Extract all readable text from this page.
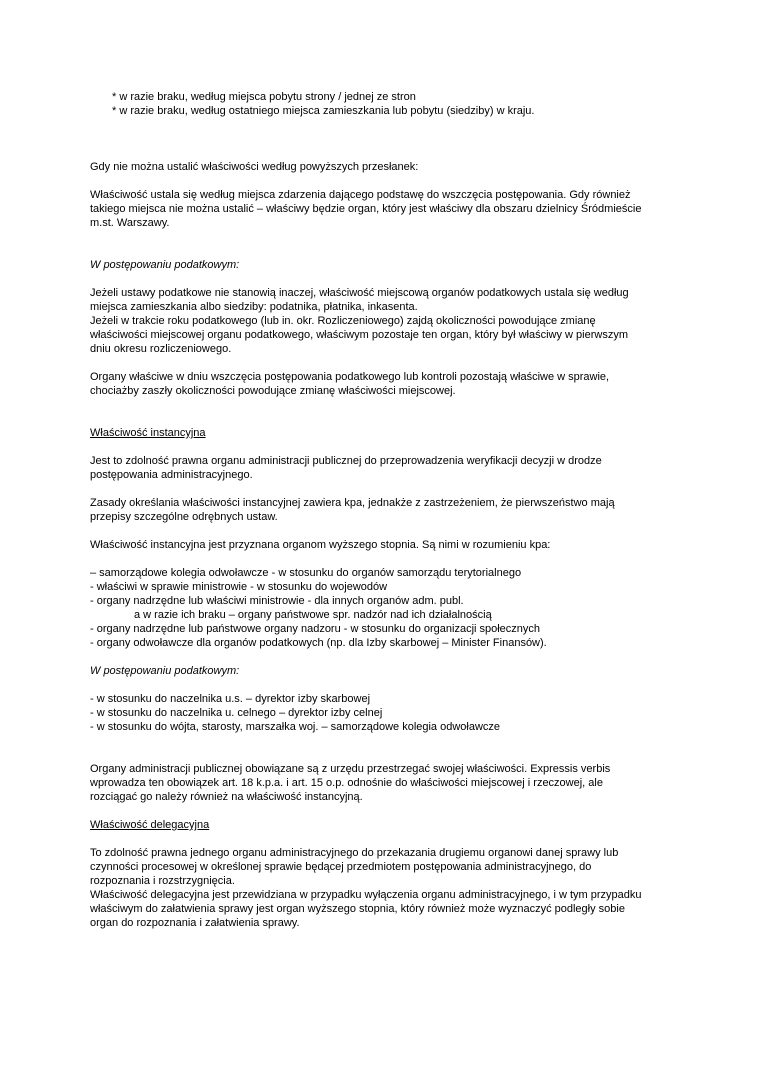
* w razie braku, według miejsca pobytu strony / jednej ze stron
* w razie braku, według ostatniego miejsca zamieszkania lub pobytu (siedziby) w kraju.

Gdy nie można ustalić właściwości według powyższych przesłanek:

Właściwość ustala się według miejsca zdarzenia dającego podstawę do wszczęcia postępowania. Gdy również
takiego miejsca nie można ustalić – właściwy będzie organ, który jest właściwy dla obszaru dzielnicy Śródmieście
m.st. Warszawy.

W postępowaniu podatkowym:

Jeżeli ustawy podatkowe nie stanowią inaczej, właściwość miejscową organów podatkowych ustala się według
miejsca zamieszkania albo siedziby: podatnika, płatnika, inkasenta.
Jeżeli w trakcie roku podatkowego (lub in. okr. Rozliczeniowego) zajdą okoliczności powodujące zmianę
właściwości miejscowej organu podatkowego, właściwym pozostaje ten organ, który był właściwy w pierwszym
dniu okresu rozliczeniowego.

Organy właściwe w dniu wszczęcia postępowania podatkowego lub kontroli pozostają właściwe w sprawie,
chociażby zaszły okoliczności powodujące zmianę właściwości miejscowej.

Właściwość instancyjna

Jest to zdolność prawna organu administracji publicznej do przeprowadzenia weryfikacji decyzji w drodze
postępowania administracyjnego.

Zasady określania właściwości instancyjnej zawiera kpa, jednakże z zastrzeżeniem, że pierwszeństwo mają
przepisy szczególne odrębnych ustaw.

Właściwość instancyjna jest przyznana organom wyższego stopnia. Są nimi w rozumieniu kpa:

– samorządowe kolegia odwoławcze - w stosunku do organów samorządu terytorialnego
- właściwi w sprawie ministrowie - w stosunku do wojewodów
- organy nadrzędne lub właściwi ministrowie - dla innych organów adm. publ.
a w razie ich braku – organy państwowe spr. nadzór nad ich działalnością
- organy nadrzędne lub państwowe organy nadzoru - w stosunku do organizacji społecznych
- organy odwoławcze dla organów podatkowych (np. dla Izby skarbowej – Minister Finansów).

W postępowaniu podatkowym:

- w stosunku do naczelnika u.s. – dyrektor izby skarbowej
- w stosunku do naczelnika u. celnego – dyrektor izby celnej
- w stosunku do wójta, starosty, marszałka woj. – samorządowe kolegia odwoławcze

Organy administracji publicznej obowiązane są z urzędu przestrzegać swojej właściwości. Expressis verbis
wprowadza ten obowiązek art. 18 k.p.a. i art. 15 o.p. odnośnie do właściwości miejscowej i rzeczowej, ale
rozciągać go należy również na właściwość instancyjną.

Właściwość delegacyjna

To zdolność prawna jednego organu administracyjnego do przekazania drugiemu organowi danej sprawy lub
czynności procesowej w określonej sprawie będącej przedmiotem postępowania administracyjnego, do
rozpoznania i rozstrzygnięcia.
Właściwość delegacyjna jest przewidziana w przypadku wyłączenia organu administracyjnego, i w tym przypadku
właściwym do załatwienia sprawy jest organ wyższego stopnia, który również może wyznaczyć podległy sobie
organ do rozpoznania i załatwienia sprawy.
